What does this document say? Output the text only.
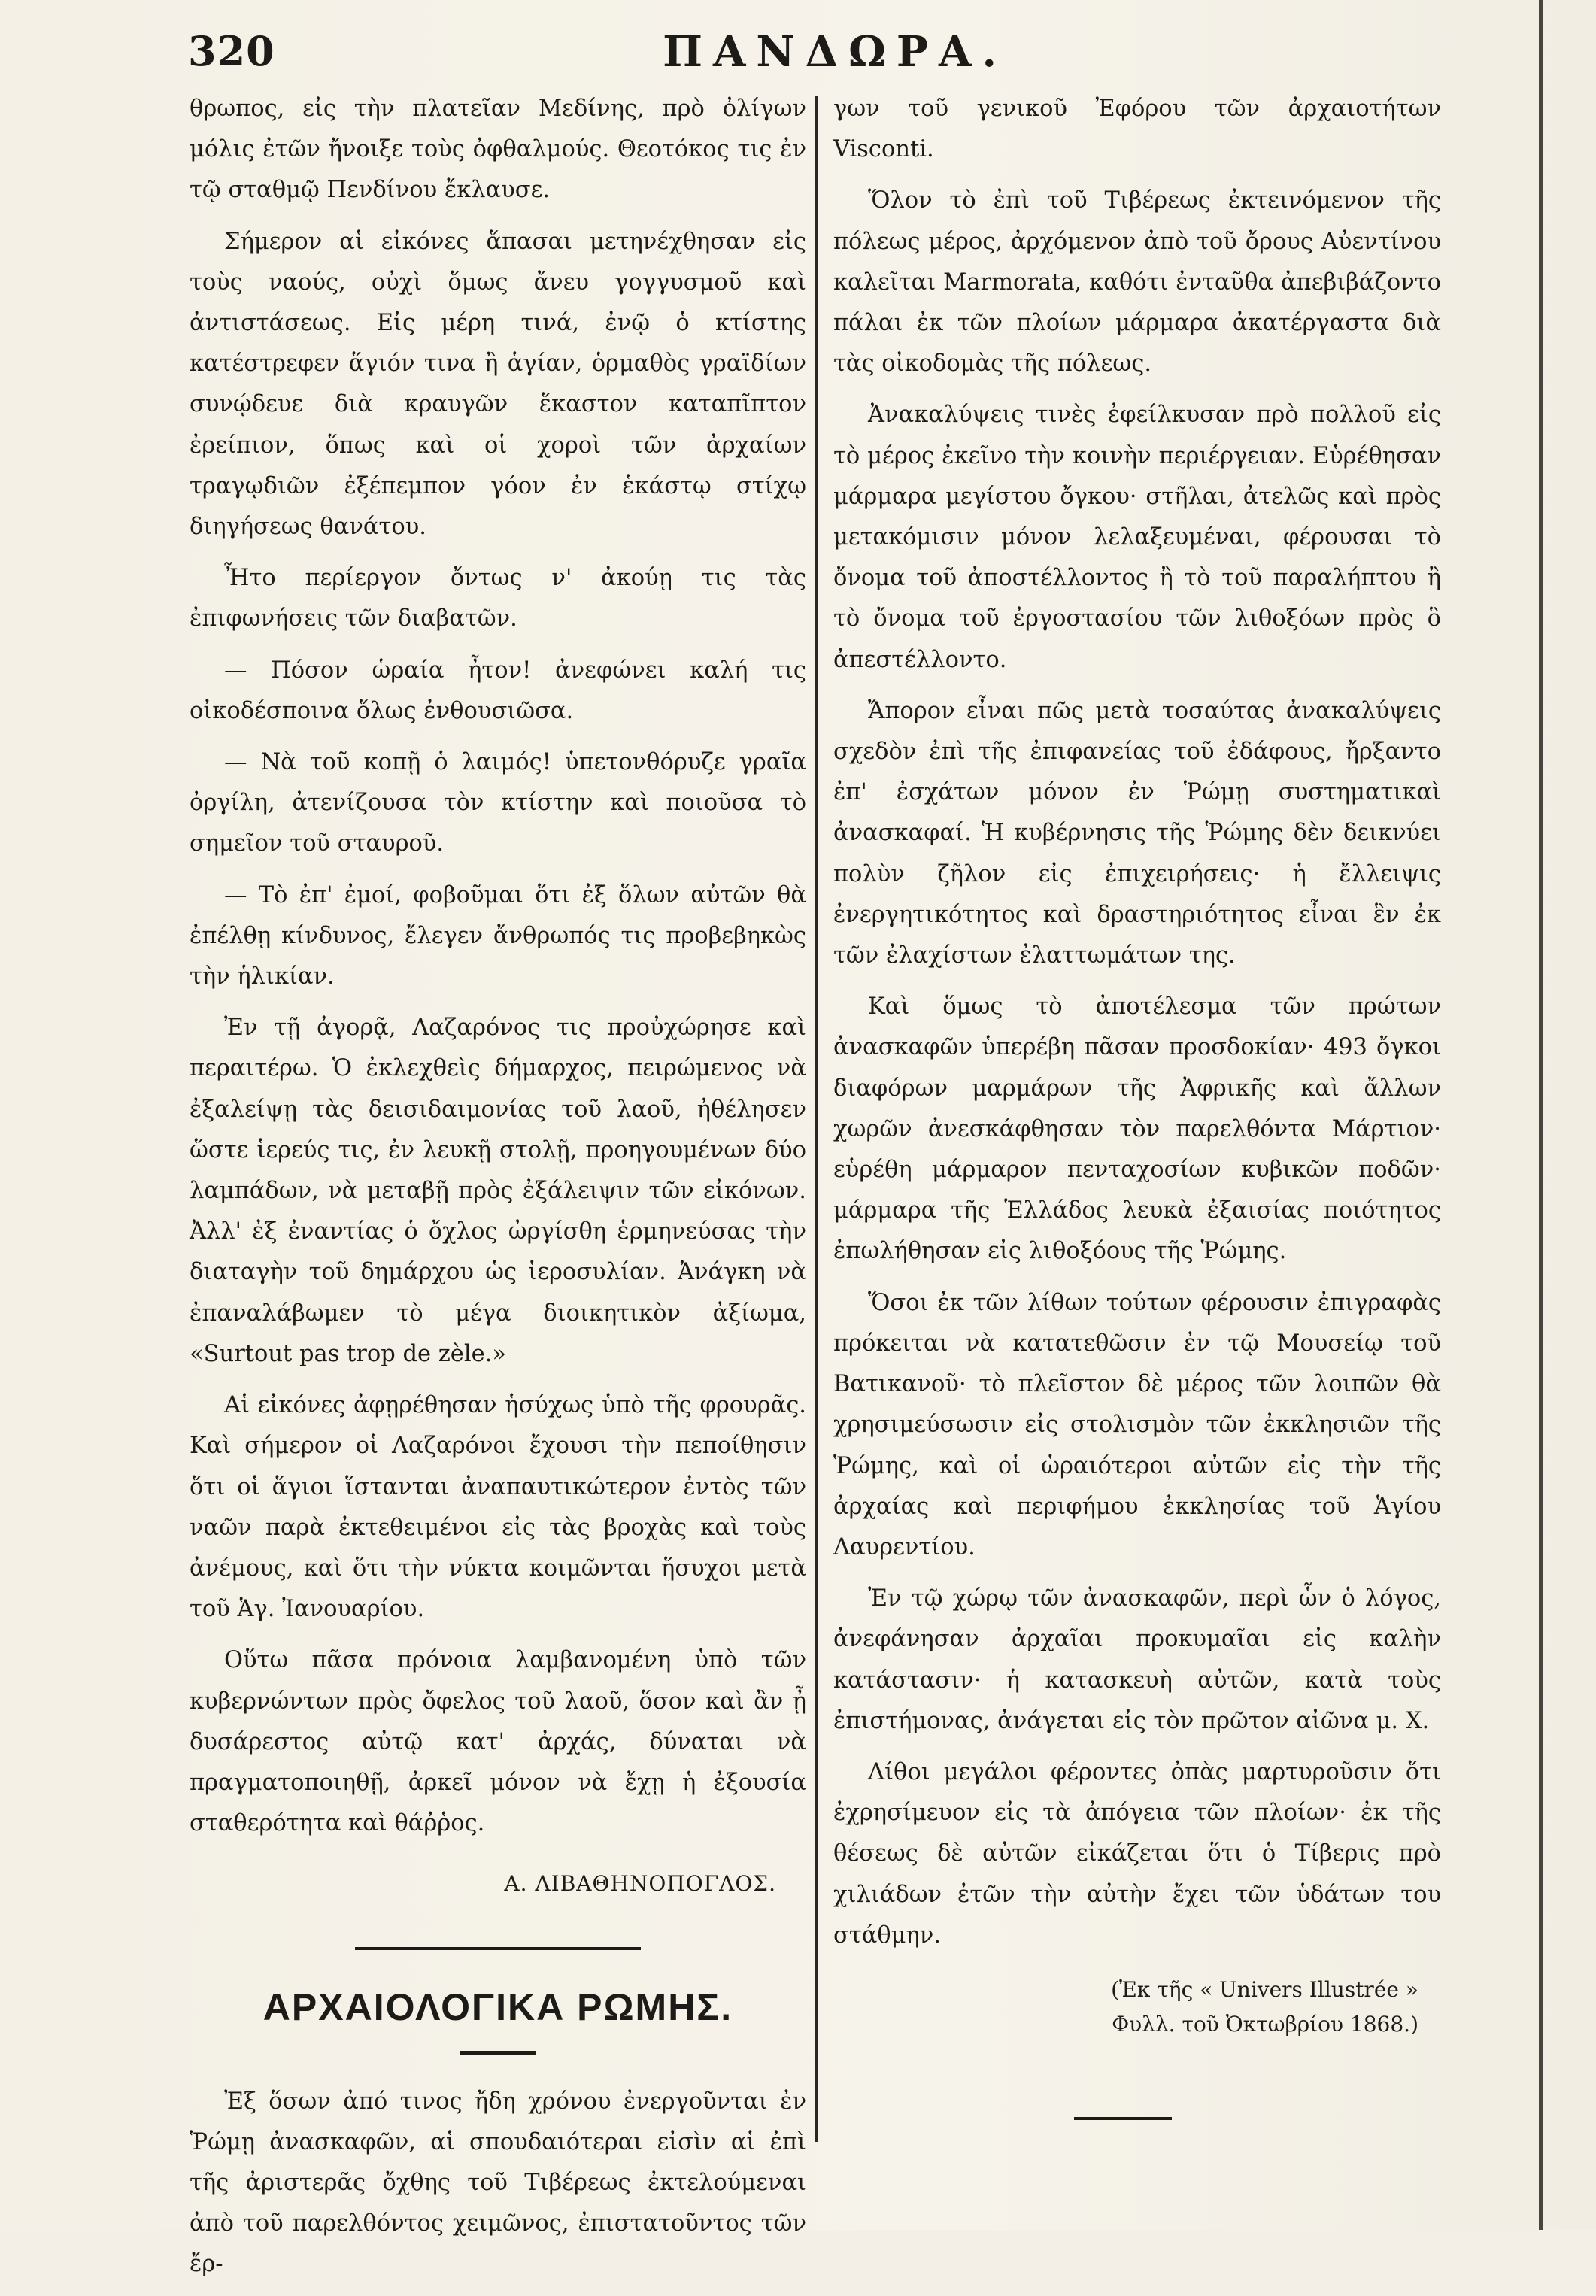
320	ΠΑΝΔΩΡΑ.

θρωπος, εἰς τὴν πλατεῖαν Μεδίνης, πρὸ ὀλίγων μόλις ἐτῶν ἤνοιξε τοὺς ὀφθαλμούς. Θεοτόκος τις ἐν τῷ σταθμῷ Πενδίνου ἔκλαυσε.

Σήμερον αἱ εἰκόνες ἅπασαι μετηνέχθησαν εἰς τοὺς ναούς, οὐχὶ ὅμως ἄνευ γογγυσμοῦ καὶ ἀντιστάσεως. Εἰς μέρη τινά, ἐνῷ ὁ κτίστης κατέστρεφεν ἅγιόν τινα ἢ ἁγίαν, ὁρμαθὸς γραϊδίων συνῴδευε διὰ κραυγῶν ἕκαστον καταπῖπτον ἐρείπιον, ὅπως καὶ οἱ χοροὶ τῶν ἀρχαίων τραγῳδιῶν ἐξέπεμπον γόον ἐν ἑκάστῳ στίχῳ διηγήσεως θανάτου.

Ἦτο περίεργον ὄντως ν' ἀκούῃ τις τὰς ἐπιφωνήσεις τῶν διαβατῶν.

— Πόσον ὡραία ἦτον! ἀνεφώνει καλή τις οἰκοδέσποινα ὅλως ἐνθουσιῶσα.

— Νὰ τοῦ κοπῇ ὁ λαιμός! ὑπετονθόρυζε γραῖα ὀργίλη, ἀτενίζουσα τὸν κτίστην καὶ ποιοῦσα τὸ σημεῖον τοῦ σταυροῦ.

— Τὸ ἐπ' ἐμοί, φοβοῦμαι ὅτι ἐξ ὅλων αὐτῶν θὰ ἐπέλθῃ κίνδυνος, ἔλεγεν ἄνθρωπός τις προβεβηκὼς τὴν ἡλικίαν.

Ἐν τῇ ἀγορᾷ, Λαζαρόνος τις προὐχώρησε καὶ περαιτέρω. Ὁ ἐκλεχθεὶς δήμαρχος, πειρώμενος νὰ ἐξαλείψῃ τὰς δεισιδαιμονίας τοῦ λαοῦ, ἠθέλησεν ὥστε ἱερεύς τις, ἐν λευκῇ στολῇ, προηγουμένων δύο λαμπάδων, νὰ μεταβῇ πρὸς ἐξάλειψιν τῶν εἰκόνων. Ἀλλ' ἐξ ἐναντίας ὁ ὄχλος ὠργίσθη ἑρμηνεύσας τὴν διαταγὴν τοῦ δημάρχου ὡς ἱεροσυλίαν. Ἀνάγκη νὰ ἐπαναλάβωμεν τὸ μέγα διοικητικὸν ἀξίωμα, «Surtout pas trop de zèle.»

Αἱ εἰκόνες ἀφῃρέθησαν ἡσύχως ὑπὸ τῆς φρουρᾶς. Καὶ σήμερον οἱ Λαζαρόνοι ἔχουσι τὴν πεποίθησιν ὅτι οἱ ἅγιοι ἵστανται ἀναπαυτικώτερον ἐντὸς τῶν ναῶν παρὰ ἐκτεθειμένοι εἰς τὰς βροχὰς καὶ τοὺς ἀνέμους, καὶ ὅτι τὴν νύκτα κοιμῶνται ἥσυχοι μετὰ τοῦ Ἁγ. Ἰανουαρίου.

Οὕτω πᾶσα πρόνοια λαμβανομένη ὑπὸ τῶν κυβερνώντων πρὸς ὄφελος τοῦ λαοῦ, ὅσον καὶ ἂν ᾖ δυσάρεστος αὐτῷ κατ' ἀρχάς, δύναται νὰ πραγματοποιηθῇ, ἀρκεῖ μόνον νὰ ἔχῃ ἡ ἐξουσία σταθερότητα καὶ θάῤῥος.

Α. ΛΙΒΑΘΗΝΟΠΟΓΛΟΣ.
ΑΡΧΑΙΟΛΟΓΙΚΑ ΡΩΜΗΣ.

Ἐξ ὅσων ἀπό τινος ἤδη χρόνου ἐνεργοῦνται ἐν Ῥώμῃ ἀνασκαφῶν, αἱ σπουδαιότεραι εἰσὶν αἱ ἐπὶ τῆς ἀριστερᾶς ὄχθης τοῦ Τιβέρεως ἐκτελούμεναι ἀπὸ τοῦ παρελθόντος χειμῶνος, ἐπιστατοῦντος τῶν ἔρ-

γων τοῦ γενικοῦ Ἐφόρου τῶν ἀρχαιοτήτων Visconti.

Ὅλον τὸ ἐπὶ τοῦ Τιβέρεως ἐκτεινόμενον τῆς πόλεως μέρος, ἀρχόμενον ἀπὸ τοῦ ὄρους Αὐεντίνου καλεῖται Marmorata, καθότι ἐνταῦθα ἀπεβιβάζοντο πάλαι ἐκ τῶν πλοίων μάρμαρα ἀκατέργαστα διὰ τὰς οἰκοδομὰς τῆς πόλεως.

Ἀνακαλύψεις τινὲς ἐφείλκυσαν πρὸ πολλοῦ εἰς τὸ μέρος ἐκεῖνο τὴν κοινὴν περιέργειαν. Εὑρέθησαν μάρμαρα μεγίστου ὄγκου· στῆλαι, ἀτελῶς καὶ πρὸς μετακόμισιν μόνον λελαξευμέναι, φέρουσαι τὸ ὄνομα τοῦ ἀποστέλλοντος ἢ τὸ τοῦ παραλήπτου ἢ τὸ ὄνομα τοῦ ἐργοστασίου τῶν λιθοξόων πρὸς ὃ ἀπεστέλλοντο.

Ἄπορον εἶναι πῶς μετὰ τοσαύτας ἀνακαλύψεις σχεδὸν ἐπὶ τῆς ἐπιφανείας τοῦ ἐδάφους, ἤρξαντο ἐπ' ἐσχάτων μόνον ἐν Ῥώμῃ συστηματικαὶ ἀνασκαφαί. Ἡ κυβέρνησις τῆς Ῥώμης δὲν δεικνύει πολὺν ζῆλον εἰς ἐπιχειρήσεις· ἡ ἔλλειψις ἐνεργητικότητος καὶ δραστηριότητος εἶναι ἓν ἐκ τῶν ἐλαχίστων ἐλαττωμάτων της.

Καὶ ὅμως τὸ ἀποτέλεσμα τῶν πρώτων ἀνασκαφῶν ὑπερέβη πᾶσαν προσδοκίαν· 493 ὄγκοι διαφόρων μαρμάρων τῆς Ἀφρικῆς καὶ ἄλλων χωρῶν ἀνεσκάφθησαν τὸν παρελθόντα Μάρτιον· εὑρέθη μάρμαρον πενταχοσίων κυβικῶν ποδῶν· μάρμαρα τῆς Ἑλλάδος λευκὰ ἐξαισίας ποιότητος ἐπωλήθησαν εἰς λιθοξόους τῆς Ῥώμης.

Ὅσοι ἐκ τῶν λίθων τούτων φέρουσιν ἐπιγραφὰς πρόκειται νὰ κατατεθῶσιν ἐν τῷ Μουσείῳ τοῦ Βατικανοῦ· τὸ πλεῖστον δὲ μέρος τῶν λοιπῶν θὰ χρησιμεύσωσιν εἰς στολισμὸν τῶν ἐκκλησιῶν τῆς Ῥώμης, καὶ οἱ ὡραιότεροι αὐτῶν εἰς τὴν τῆς ἀρχαίας καὶ περιφήμου ἐκκλησίας τοῦ Ἁγίου Λαυρεντίου.

Ἐν τῷ χώρῳ τῶν ἀνασκαφῶν, περὶ ὧν ὁ λόγος, ἀνεφάνησαν ἀρχαῖαι προκυμαῖαι εἰς καλὴν κατάστασιν· ἡ κατασκευὴ αὐτῶν, κατὰ τοὺς ἐπιστήμονας, ἀνάγεται εἰς τὸν πρῶτον αἰῶνα μ. Χ.

Λίθοι μεγάλοι φέροντες ὀπὰς μαρτυροῦσιν ὅτι ἐχρησίμευον εἰς τὰ ἀπόγεια τῶν πλοίων· ἐκ τῆς θέσεως δὲ αὐτῶν εἰκάζεται ὅτι ὁ Τίβερις πρὸ χιλιάδων ἐτῶν τὴν αὐτὴν ἔχει τῶν ὑδάτων του στάθμην.

(Ἐκ τῆς « Univers Illustrée »
Φυλλ. τοῦ Ὀκτωβρίου 1868.)
